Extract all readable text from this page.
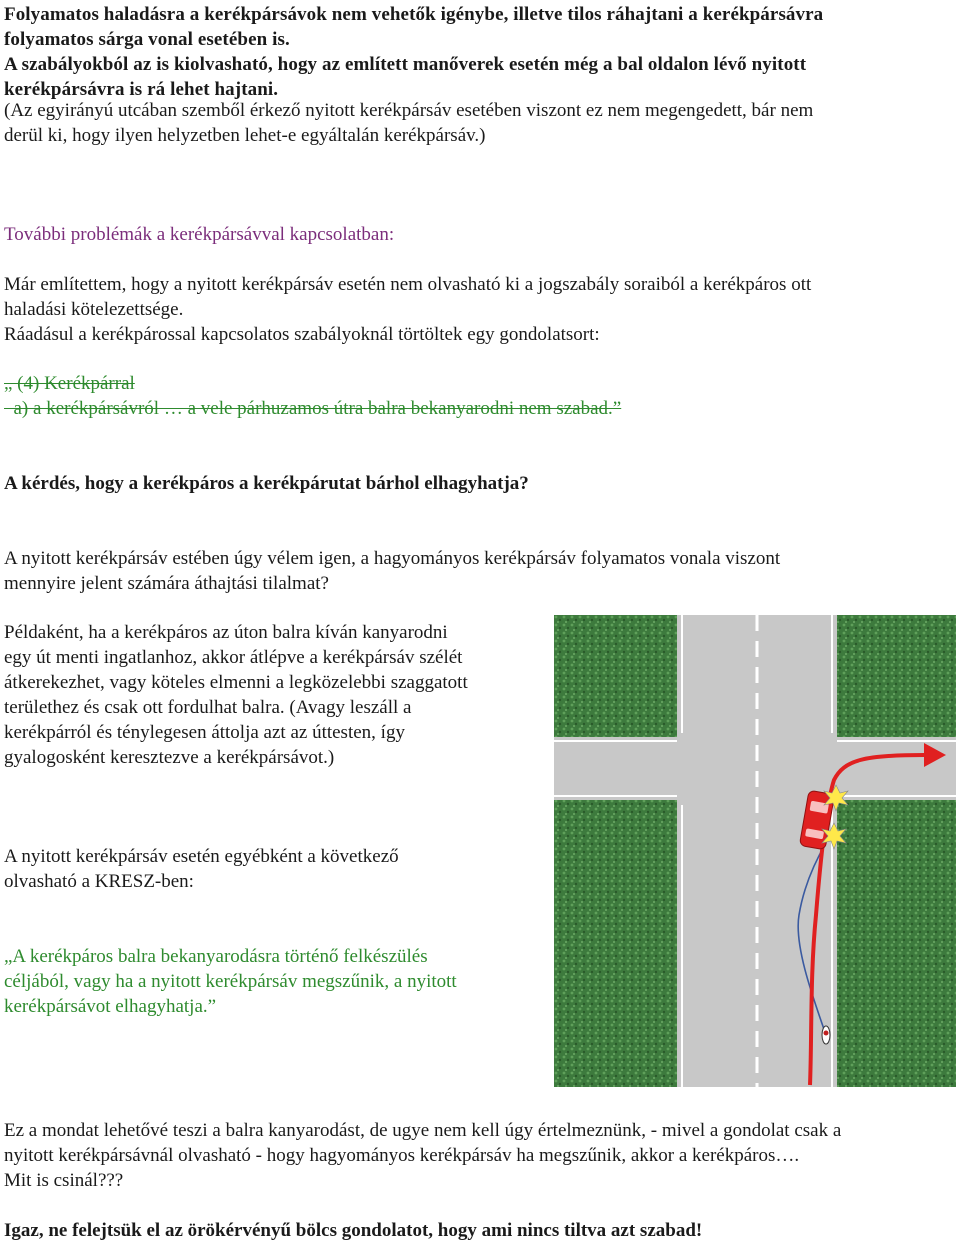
Folyamatos haladásra a kerékpársávok nem vehetők igénybe, illetve tilos ráhajtani a kerékpársávra
folyamatos sárga vonal esetében is.
A szabályokból az is kiolvasható, hogy az említett manőverek esetén még a bal oldalon lévő nyitott
kerékpársávra is rá lehet hajtani.
(Az egyirányú utcában szemből érkező nyitott kerékpársáv esetében viszont ez nem megengedett, bár nem
derül ki, hogy ilyen helyzetben lehet-e egyáltalán kerékpársáv.)
További problémák a kerékpársávval kapcsolatban:
Már említettem, hogy a nyitott kerékpársáv esetén nem olvasható ki a jogszabály soraiból a kerékpáros ott
haladási kötelezettsége.
Ráadásul a kerékpárossal kapcsolatos szabályoknál törtöltek egy gondolatsort:
„ (4) Kerékpárral
a) a kerékpársávról … a vele párhuzamos útra balra bekanyarodni nem szabad.”
A kérdés, hogy a kerékpáros a kerékpárutat bárhol elhagyhatja?
A nyitott kerékpársáv estében úgy vélem igen, a hagyományos kerékpársáv folyamatos vonala viszont
mennyire jelent számára áthajtási tilalmat?
Példaként, ha a kerékpáros az úton balra kíván kanyarodni
egy út menti ingatlanhoz, akkor átlépve a kerékpársáv szélét
átkerekezhet, vagy köteles elmenni a legközelebbi szaggatott
területhez és csak ott fordulhat balra. (Avagy leszáll a
kerékpárról és ténylegesen áttolja azt az úttesten, így
gyalogosként keresztezve a kerékpársávot.)
A nyitott kerékpársáv esetén egyébként a következő
olvasható a KRESZ-ben:
„A kerékpáros balra bekanyarodásra történő felkészülés
céljából, vagy ha a nyitott kerékpársáv megszűnik, a nyitott
kerékpársávot elhagyhatja.”
Ez a mondat lehetővé teszi a balra kanyarodást, de ugye nem kell úgy értelmeznünk, - mivel a gondolat csak a
nyitott kerékpársávnál olvasható - hogy hagyományos kerékpársáv ha megszűnik, akkor a kerékpáros….
Mit is csinál???
Igaz, ne felejtsük el az örökérvényű bölcs gondolatot, hogy ami nincs tiltva azt szabad!
